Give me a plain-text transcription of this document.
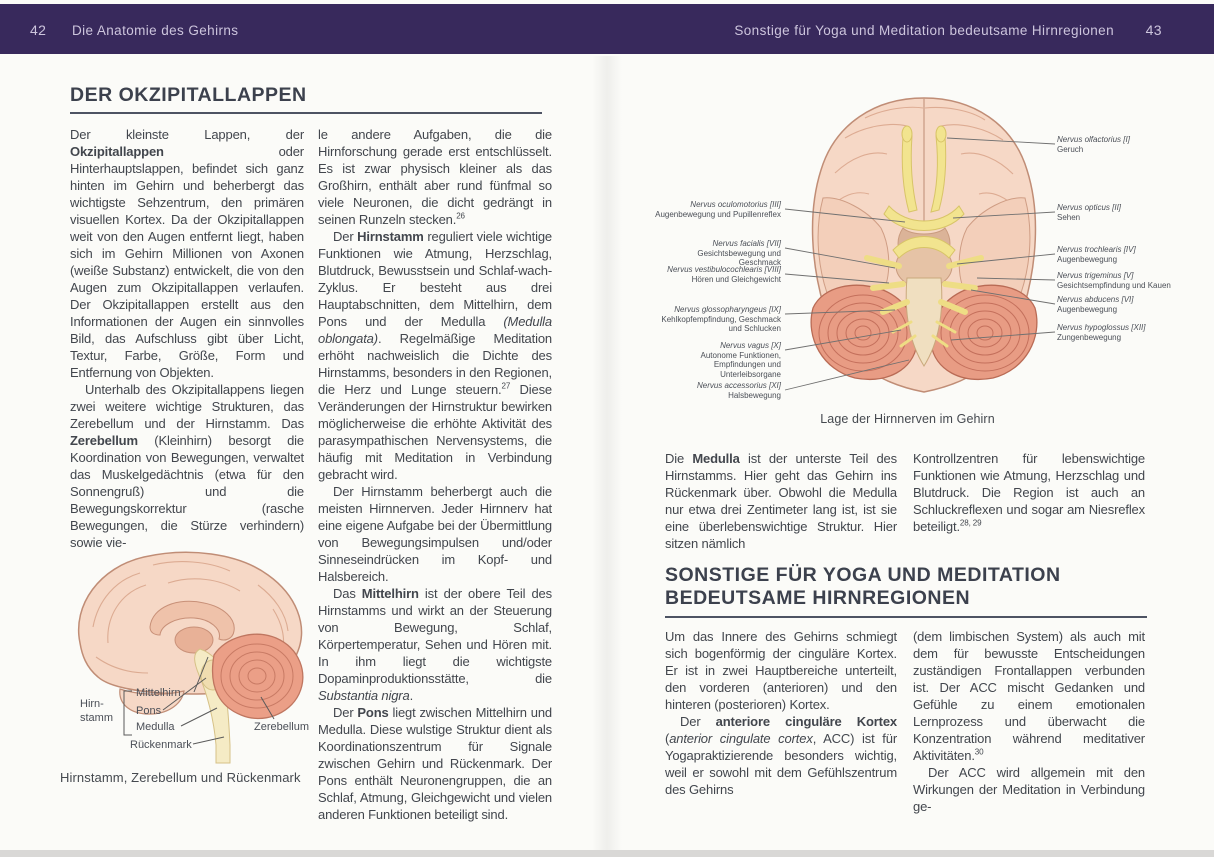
42 Die Anatomie des Gehirns	Sonstige für Yoga und Meditation bedeutsame Hirnregionen 43
DER OKZIPITALLAPPEN

Der kleinste Lappen, der Okzipitallappen oder Hinterhauptslappen, befindet sich ganz hinten im Gehirn und beherbergt das wichtigste Sehzentrum, den primären visuellen Kortex. Da der Okzipitallappen weit von den Augen entfernt liegt, haben sich im Gehirn Millionen von Axonen (weiße Substanz) entwickelt, die von den Augen zum Okzipitallappen verlaufen. Der Okzipitallappen erstellt aus den Informationen der Augen ein sinnvolles Bild, das Aufschluss gibt über Licht, Textur, Farbe, Größe, Form und Entfernung von Objekten.

Unterhalb des Okzipitallappens liegen zwei weitere wichtige Strukturen, das Zerebellum und der Hirnstamm. Das Zerebellum (Kleinhirn) besorgt die Koordination von Bewegungen, verwaltet das Muskelgedächtnis (etwa für den Sonnengruß) und die Bewegungskorrektur (rasche Bewegungen, die Stürze verhindern) sowie vie-

le andere Aufgaben, die die Hirnforschung gerade erst entschlüsselt. Es ist zwar physisch kleiner als das Großhirn, enthält aber rund fünfmal so viele Neuronen, die dicht gedrängt in seinen Runzeln stecken.$^{26}$

Der Hirnstamm reguliert viele wichtige Funktionen wie Atmung, Herzschlag, Blutdruck, Bewusstsein und Schlaf-wach-Zyklus. Er besteht aus drei Hauptabschnitten, dem Mittelhirn, dem Pons und der Medulla (Medulla oblongata). Regelmäßige Meditation erhöht nachweislich die Dichte des Hirnstamms, besonders in den Regionen, die Herz und Lunge steuern.$^{27}$ Diese Veränderungen der Hirnstruktur bewirken möglicherweise die erhöhte Aktivität des parasympathischen Nervensystems, die häufig mit Meditation in Verbindung gebracht wird.

Der Hirnstamm beherbergt auch die meisten Hirnnerven. Jeder Hirnnerv hat eine eigene Aufgabe bei der Übermittlung von Bewegungsimpulsen und/oder Sinneseindrücken im Kopf- und Halsbereich.

Das Mittelhirn ist der obere Teil des Hirnstamms und wirkt an der Steuerung von Bewegung, Schlaf, Körpertemperatur, Sehen und Hören mit. In ihm liegt die wichtigste Dopaminproduktionsstätte, die Substantia nigra.

Der Pons liegt zwischen Mittelhirn und Medulla. Diese wulstige Struktur dient als Koordinationszentrum für Signale zwischen Gehirn und Rückenmark. Der Pons enthält Neuronengruppen, die an Schlaf, Atmung, Gleichgewicht und vielen anderen Funktionen beteiligt sind.

Hirn-
stamm
Mittelhirn
Pons
Medulla
Rückenmark
Zerebellum
Hirnstamm, Zerebellum und Rückenmark
Nervus oculomotorius [III]
Augenbewegung und Pupillenreflex
Nervus facialis [VII]
Gesichtsbewegung und Geschmack
Nervus vestibulocochlearis [VIII]
Hören und Gleichgewicht
Nervus glossopharyngeus [IX]
Kehlkopfempfindung, Geschmack und Schlucken
Nervus vagus [X]
Autonome Funktionen, Empfindungen und Unterleibsorgane
Nervus accessorius [XI]
Halsbewegung
Nervus olfactorius [I]
Geruch
Nervus opticus [II]
Sehen
Nervus trochlearis [IV]
Augenbewegung
Nervus trigeminus [V]
Gesichtsempfindung und Kauen
Nervus abducens [VI]
Augenbewegung
Nervus hypoglossus [XII]
Zungenbewegung
Lage der Hirnnerven im Gehirn

Die Medulla ist der unterste Teil des Hirnstamms. Hier geht das Gehirn ins Rückenmark über. Obwohl die Medulla nur etwa drei Zentimeter lang ist, ist sie eine überlebenswichtige Struktur. Hier sitzen nämlich

Kontrollzentren für lebenswichtige Funktionen wie Atmung, Herzschlag und Blutdruck. Die Region ist auch an Schluckreflexen und sogar am Niesreflex beteiligt.$^{28, 29}$

SONSTIGE FÜR YOGA UND MEDITATION BEDEUTSAME HIRNREGIONEN

Um das Innere des Gehirns schmiegt sich bogenförmig der cinguläre Kortex. Er ist in zwei Hauptbereiche unterteilt, den vorderen (anterioren) und den hinteren (posterioren) Kortex.

Der anteriore cinguläre Kortex (anterior cingulate cortex, ACC) ist für Yogapraktizierende besonders wichtig, weil er sowohl mit dem Gefühlszentrum des Gehirns

(dem limbischen System) als auch mit dem für bewusste Entscheidungen zuständigen Frontallappen verbunden ist. Der ACC mischt Gedanken und Gefühle zu einem emotionalen Lernprozess und überwacht die Konzentration während meditativer Aktivitäten.$^{30}$

Der ACC wird allgemein mit den Wirkungen der Meditation in Verbindung ge-
